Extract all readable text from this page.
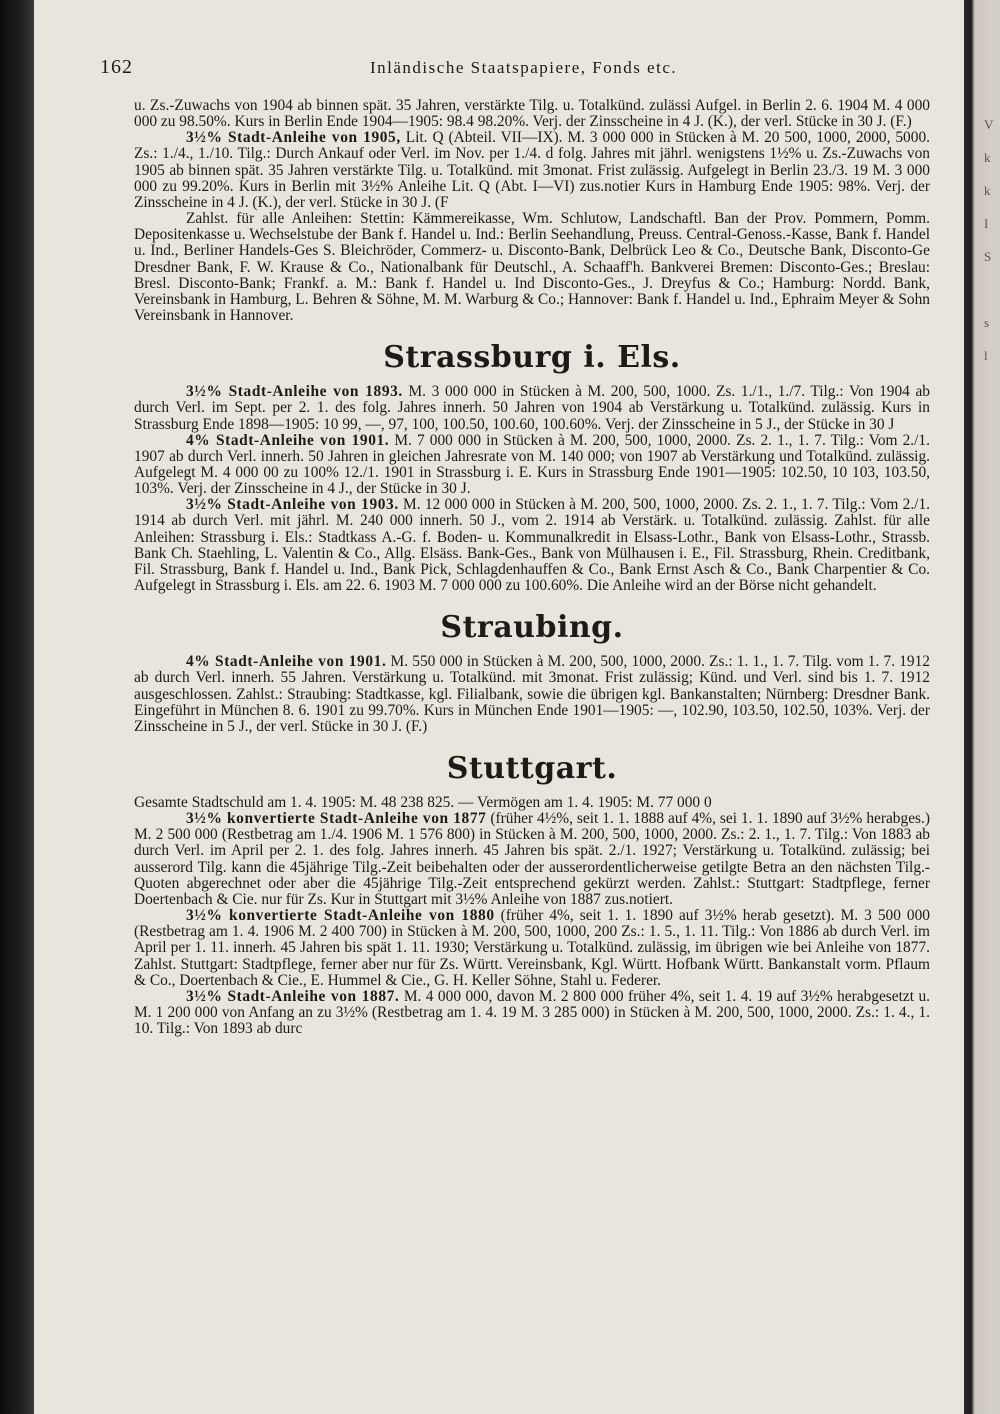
V
k
k
I
S

s
l
162	Inländische Staatspapiere, Fonds etc.

u. Zs.-Zuwachs von 1904 ab binnen spät. 35 Jahren, verstärkte Tilg. u. Totalkünd. zulässi Aufgel. in Berlin 2. 6. 1904 M. 4 000 000 zu 98.50%. Kurs in Berlin Ende 1904—1905: 98.4 98.20%. Verj. der Zinsscheine in 4 J. (K.), der verl. Stücke in 30 J. (F.)

3½% Stadt-Anleihe von 1905, Lit. Q (Abteil. VII—IX). M. 3 000 000 in Stücken à M. 20 500, 1000, 2000, 5000. Zs.: 1./4., 1./10. Tilg.: Durch Ankauf oder Verl. im Nov. per 1./4. d folg. Jahres mit jährl. wenigstens 1½% u. Zs.-Zuwachs von 1905 ab binnen spät. 35 Jahren verstärkte Tilg. u. Totalkünd. mit 3monat. Frist zulässig. Aufgelegt in Berlin 23./3. 19 M. 3 000 000 zu 99.20%. Kurs in Berlin mit 3½% Anleihe Lit. Q (Abt. I—VI) zus.notier Kurs in Hamburg Ende 1905: 98%. Verj. der Zinsscheine in 4 J. (K.), der verl. Stücke in 30 J. (F

Zahlst. für alle Anleihen: Stettin: Kämmereikasse, Wm. Schlutow, Landschaftl. Ban der Prov. Pommern, Pomm. Depositenkasse u. Wechselstube der Bank f. Handel u. Ind.: Berlin Seehandlung, Preuss. Central-Genoss.-Kasse, Bank f. Handel u. Ind., Berliner Handels-Ges S. Bleichröder, Commerz- u. Disconto-Bank, Delbrück Leo & Co., Deutsche Bank, Disconto-Ge Dresdner Bank, F. W. Krause & Co., Nationalbank für Deutschl., A. Schaaff'h. Bankverei Bremen: Disconto-Ges.; Breslau: Bresl. Disconto-Bank; Frankf. a. M.: Bank f. Handel u. Ind Disconto-Ges., J. Dreyfus & Co.; Hamburg: Nordd. Bank, Vereinsbank in Hamburg, L. Behren & Söhne, M. M. Warburg & Co.; Hannover: Bank f. Handel u. Ind., Ephraim Meyer & Sohn Vereinsbank in Hannover.

Strassburg i. Els.

3½% Stadt-Anleihe von 1893. M. 3 000 000 in Stücken à M. 200, 500, 1000. Zs. 1./1., 1./7. Tilg.: Von 1904 ab durch Verl. im Sept. per 2. 1. des folg. Jahres innerh. 50 Jahren von 1904 ab Verstärkung u. Totalkünd. zulässig. Kurs in Strassburg Ende 1898—1905: 10 99, —, 97, 100, 100.50, 100.60, 100.60%. Verj. der Zinsscheine in 5 J., der Stücke in 30 J

4% Stadt-Anleihe von 1901. M. 7 000 000 in Stücken à M. 200, 500, 1000, 2000. Zs. 2. 1., 1. 7. Tilg.: Vom 2./1. 1907 ab durch Verl. innerh. 50 Jahren in gleichen Jahresrate von M. 140 000; von 1907 ab Verstärkung und Totalkünd. zulässig. Aufgelegt M. 4 000 00 zu 100% 12./1. 1901 in Strassburg i. E. Kurs in Strassburg Ende 1901—1905: 102.50, 10 103, 103.50, 103%. Verj. der Zinsscheine in 4 J., der Stücke in 30 J.

3½% Stadt-Anleihe von 1903. M. 12 000 000 in Stücken à M. 200, 500, 1000, 2000. Zs. 2. 1., 1. 7. Tilg.: Vom 2./1. 1914 ab durch Verl. mit jährl. M. 240 000 innerh. 50 J., vom 2. 1914 ab Verstärk. u. Totalkünd. zulässig. Zahlst. für alle Anleihen: Strassburg i. Els.: Stadtkass A.-G. f. Boden- u. Kommunalkredit in Elsass-Lothr., Bank von Elsass-Lothr., Strassb. Bank Ch. Staehling, L. Valentin & Co., Allg. Elsäss. Bank-Ges., Bank von Mülhausen i. E., Fil. Strassburg, Rhein. Creditbank, Fil. Strassburg, Bank f. Handel u. Ind., Bank Pick, Schlagdenhauffen & Co., Bank Ernst Asch & Co., Bank Charpentier & Co. Aufgelegt in Strassburg i. Els. am 22. 6. 1903 M. 7 000 000 zu 100.60%. Die Anleihe wird an der Börse nicht gehandelt.

Straubing.

4% Stadt-Anleihe von 1901. M. 550 000 in Stücken à M. 200, 500, 1000, 2000. Zs.: 1. 1., 1. 7. Tilg. vom 1. 7. 1912 ab durch Verl. innerh. 55 Jahren. Verstärkung u. Totalkünd. mit 3monat. Frist zulässig; Künd. und Verl. sind bis 1. 7. 1912 ausgeschlossen. Zahlst.: Straubing: Stadtkasse, kgl. Filialbank, sowie die übrigen kgl. Bankanstalten; Nürnberg: Dresdner Bank. Eingeführt in München 8. 6. 1901 zu 99.70%. Kurs in München Ende 1901—1905: —, 102.90, 103.50, 102.50, 103%. Verj. der Zinsscheine in 5 J., der verl. Stücke in 30 J. (F.)

Stuttgart.

Gesamte Stadtschuld am 1. 4. 1905: M. 48 238 825. — Vermögen am 1. 4. 1905: M. 77 000 0

3½% konvertierte Stadt-Anleihe von 1877 (früher 4½%, seit 1. 1. 1888 auf 4%, sei 1. 1. 1890 auf 3½% herabges.) M. 2 500 000 (Restbetrag am 1./4. 1906 M. 1 576 800) in Stücken à M. 200, 500, 1000, 2000. Zs.: 2. 1., 1. 7. Tilg.: Von 1883 ab durch Verl. im April per 2. 1. des folg. Jahres innerh. 45 Jahren bis spät. 2./1. 1927; Verstärkung u. Totalkünd. zulässig; bei ausserord Tilg. kann die 45jährige Tilg.-Zeit beibehalten oder der ausserordentlicherweise getilgte Betra an den nächsten Tilg.-Quoten abgerechnet oder aber die 45jährige Tilg.-Zeit entsprechend gekürzt werden. Zahlst.: Stuttgart: Stadtpflege, ferner Doertenbach & Cie. nur für Zs. Kur in Stuttgart mit 3½% Anleihe von 1887 zus.notiert.

3½% konvertierte Stadt-Anleihe von 1880 (früher 4%, seit 1. 1. 1890 auf 3½% herab gesetzt). M. 3 500 000 (Restbetrag am 1. 4. 1906 M. 2 400 700) in Stücken à M. 200, 500, 1000, 200 Zs.: 1. 5., 1. 11. Tilg.: Von 1886 ab durch Verl. im April per 1. 11. innerh. 45 Jahren bis spät 1. 11. 1930; Verstärkung u. Totalkünd. zulässig, im übrigen wie bei Anleihe von 1877. Zahlst. Stuttgart: Stadtpflege, ferner aber nur für Zs. Württ. Vereinsbank, Kgl. Württ. Hofbank Württ. Bankanstalt vorm. Pflaum & Co., Doertenbach & Cie., E. Hummel & Cie., G. H. Keller Söhne, Stahl u. Federer.

3½% Stadt-Anleihe von 1887. M. 4 000 000, davon M. 2 800 000 früher 4%, seit 1. 4. 19 auf 3½% herabgesetzt u. M. 1 200 000 von Anfang an zu 3½% (Restbetrag am 1. 4. 19 M. 3 285 000) in Stücken à M. 200, 500, 1000, 2000. Zs.: 1. 4., 1. 10. Tilg.: Von 1893 ab durc
